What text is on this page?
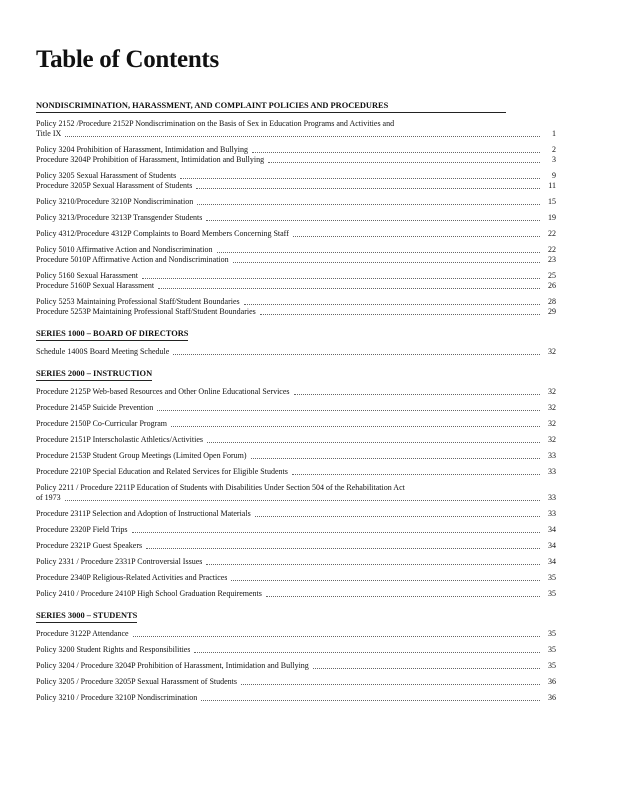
Table of Contents
NONDISCRIMINATION, HARASSMENT, AND COMPLAINT POLICIES AND PROCEDURES
Policy 2152 /Procedure 2152P Nondiscrimination on the Basis of Sex in Education Programs and Activities and
Title IX	1
Policy 3204 Prohibition of Harassment, Intimidation and Bullying	2
Procedure 3204P Prohibition of Harassment, Intimidation and Bullying	3
Policy 3205 Sexual Harassment of Students	9
Procedure 3205P Sexual Harassment of Students	11
Policy 3210/Procedure 3210P Nondiscrimination	15
Policy 3213/Procedure 3213P Transgender Students	19
Policy 4312/Procedure 4312P Complaints to Board Members Concerning Staff	22
Policy 5010 Affirmative Action and Nondiscrimination	22
Procedure 5010P Affirmative Action and Nondiscrimination	23
Policy 5160 Sexual Harassment	25
Procedure 5160P Sexual Harassment	26
Policy 5253 Maintaining Professional Staff/Student Boundaries	28
Procedure 5253P Maintaining Professional Staff/Student Boundaries	29
SERIES 1000 – BOARD OF DIRECTORS
Schedule 1400S Board Meeting Schedule	32
SERIES 2000 – INSTRUCTION
Procedure 2125P Web-based Resources and Other Online Educational Services	32
Procedure 2145P Suicide Prevention	32
Procedure 2150P Co-Curricular Program	32
Procedure 2151P Interscholastic Athletics/Activities	32
Procedure 2153P Student Group Meetings (Limited Open Forum)	33
Procedure 2210P Special Education and Related Services for Eligible Students	33
Policy 2211 / Procedure 2211P Education of Students with Disabilities Under Section 504 of the Rehabilitation Act
of 1973	33
Procedure 2311P Selection and Adoption of Instructional Materials	33
Procedure 2320P Field Trips	34
Procedure 2321P Guest Speakers	34
Policy 2331 / Procedure 2331P Controversial Issues	34
Procedure 2340P Religious-Related Activities and Practices	35
Policy 2410 / Procedure 2410P High School Graduation Requirements	35
SERIES 3000 – STUDENTS
Procedure 3122P Attendance	35
Policy 3200 Student Rights and Responsibilities	35
Policy 3204 / Procedure 3204P Prohibition of Harassment, Intimidation and Bullying	35
Policy 3205 / Procedure 3205P Sexual Harassment of Students	36
Policy 3210 / Procedure 3210P Nondiscrimination	36
